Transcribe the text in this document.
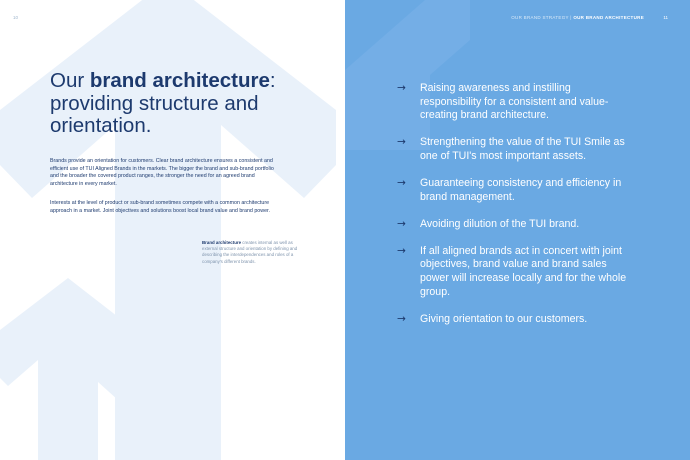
10	OUR BRAND STRATEGY | OUR BRAND ARCHITECTURE	11
Our brand architecture: providing structure and orientation.
Brands provide an orientation for customers. Clear brand architecture ensures a consistent and efficient use of TUI Aligned Brands in the markets. The bigger the brand and sub-brand portfolio and the broader the covered product ranges, the stronger the need for an agreed brand architecture in every market.
Interests at the level of product or sub-brand sometimes compete with a common architecture approach in a market. Joint objectives and solutions boost local brand value and brand power.
Brand architecture creates internal as well as external structure and orientation by defining and describing the interdependences and roles of a company's different brands.
→ Raising awareness and instilling responsibility for a consistent and value-creating brand architecture.
→ Strengthening the value of the TUI Smile as one of TUI's most important assets.
→ Guaranteeing consistency and efficiency in brand management.
→ Avoiding dilution of the TUI brand.
→ If all aligned brands act in concert with joint objectives, brand value and brand sales power will increase locally and for the whole group.
→ Giving orientation to our customers.
